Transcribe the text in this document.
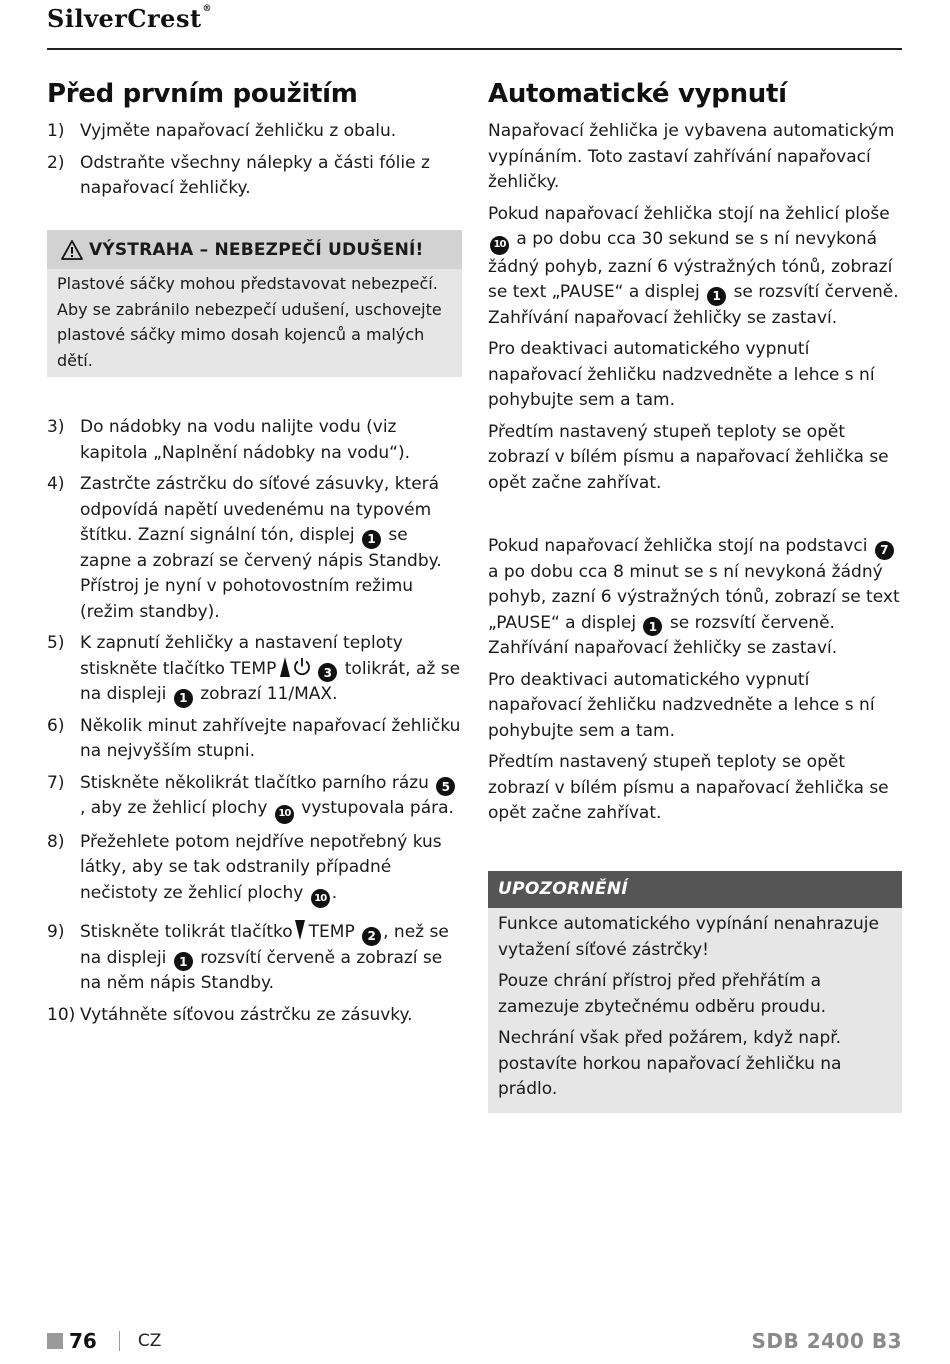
SilverCrest®
Před prvním použitím
1) Vyjměte napařovací žehličku z obalu.
2) Odstraňte všechny nálepky a části fólie z napařovací žehličky.
VÝSTRAHA – NEBEZPEČÍ UDUŠENÍ!
Plastové sáčky mohou představovat nebezpečí. Aby se zabránilo nebezpečí udušení, uschovejte plastové sáčky mimo dosah kojenců a malých dětí.
3) Do nádobky na vodu nalijte vodu (viz kapitola „Naplnění nádobky na vodu“).
4) Zastrčte zástrčku do síťové zásuvky, která odpovídá napětí uvedenému na typovém štítku. Zazní signální tón, displej 1 se zapne a zobrazí se červený nápis Standby. Přístroj je nyní v pohotovostním režimu (režim standby).
5) K zapnutí žehličky a nastavení teploty stiskněte tlačítko TEMP	3 tolikrát, až se na displeji 1 zobrazí 11/MAX.
6) Několik minut zahřívejte napařovací žehličku na nejvyšším stupni.
7) Stiskněte několikrát tlačítko parního rázu 5, aby ze žehlicí plochy 10 vystupovala pára.
8) Přežehlete potom nejdříve nepotřebný kus látky, aby se tak odstranily případné nečistoty ze žehlicí plochy 10 .
9) Stiskněte tolikrát tlačítko TEMP 2 , než se na displeji 1 rozsvítí červeně a zobrazí se na něm nápis Standby.
10) Vytáhněte síťovou zástrčku ze zásuvky.
Automatické vypnutí

Napařovací žehlička je vybavena automatickým vypínáním. Toto zastaví zahřívání napařovací žehličky.

Pokud napařovací žehlička stojí na žehlicí ploše 10 a po dobu cca 30 sekund se s ní nevykoná žádný pohyb, zazní 6 výstražných tónů, zobrazí se text „PAUSE“ a displej 1 se rozsvítí červeně. Zahřívání napařovací žehličky se zastaví.

Pro deaktivaci automatického vypnutí napařovací žehličku nadzvedněte a lehce s ní pohybujte sem a tam.

Předtím nastavený stupeň teploty se opět zobrazí v bílém písmu a napařovací žehlička se opět začne zahřívat.

Pokud napařovací žehlička stojí na podstavci 7 a po dobu cca 8 minut se s ní nevykoná žádný pohyb, zazní 6 výstražných tónů, zobrazí se text „PAUSE“ a displej 1 se rozsvítí červeně. Zahřívání napařovací žehličky se zastaví.

Pro deaktivaci automatického vypnutí napařovací žehličku nadzvedněte a lehce s ní pohybujte sem a tam.

Předtím nastavený stupeň teploty se opět zobrazí v bílém písmu a napařovací žehlička se opět začne zahřívat.

UPOZORNĚNÍ

Funkce automatického vypínání nenahrazuje vytažení síťové zástrčky!

Pouze chrání přístroj před přehřátím a zamezuje zbytečnému odběru proudu.

Nechrání však před požárem, když např. postavíte horkou napařovací žehličku na prádlo.

76 CZ	SDB 2400 B3
